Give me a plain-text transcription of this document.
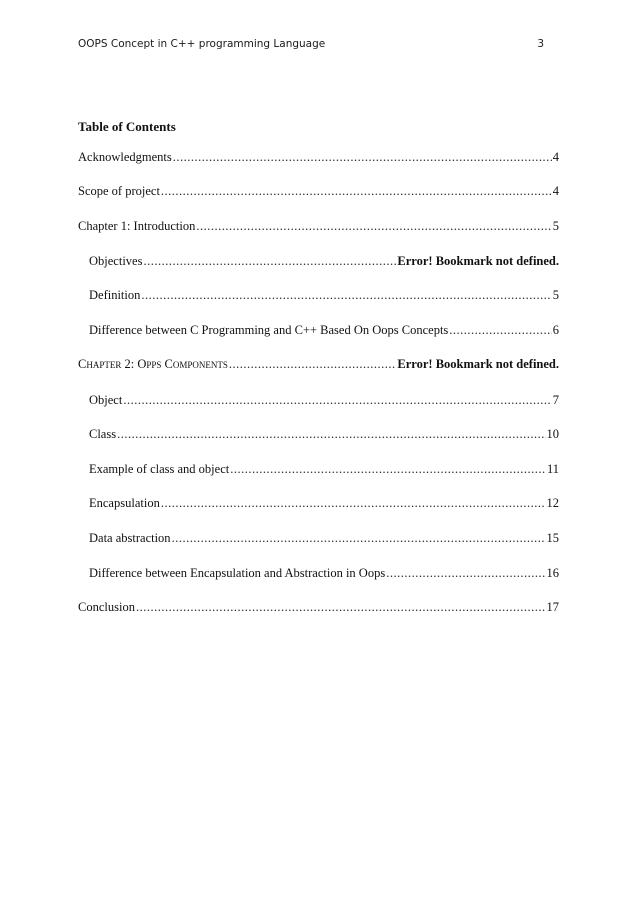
OOPS Concept in C++ programming Language	3
Table of Contents
Acknowledgments .....	4
Scope of project .....	4
Chapter 1: Introduction .....	5
Objectives .....	Error! Bookmark not defined.
Definition .....	5
Difference between C Programming and C++ Based On Oops Concepts .....	6
Chapter 2: Opps Components .....	Error! Bookmark not defined.
Object .....	7
Class .....	10
Example of class and object .....	11
Encapsulation .....	12
Data abstraction .....	15
Difference between Encapsulation and Abstraction in Oops .....	16
Conclusion .....	17
